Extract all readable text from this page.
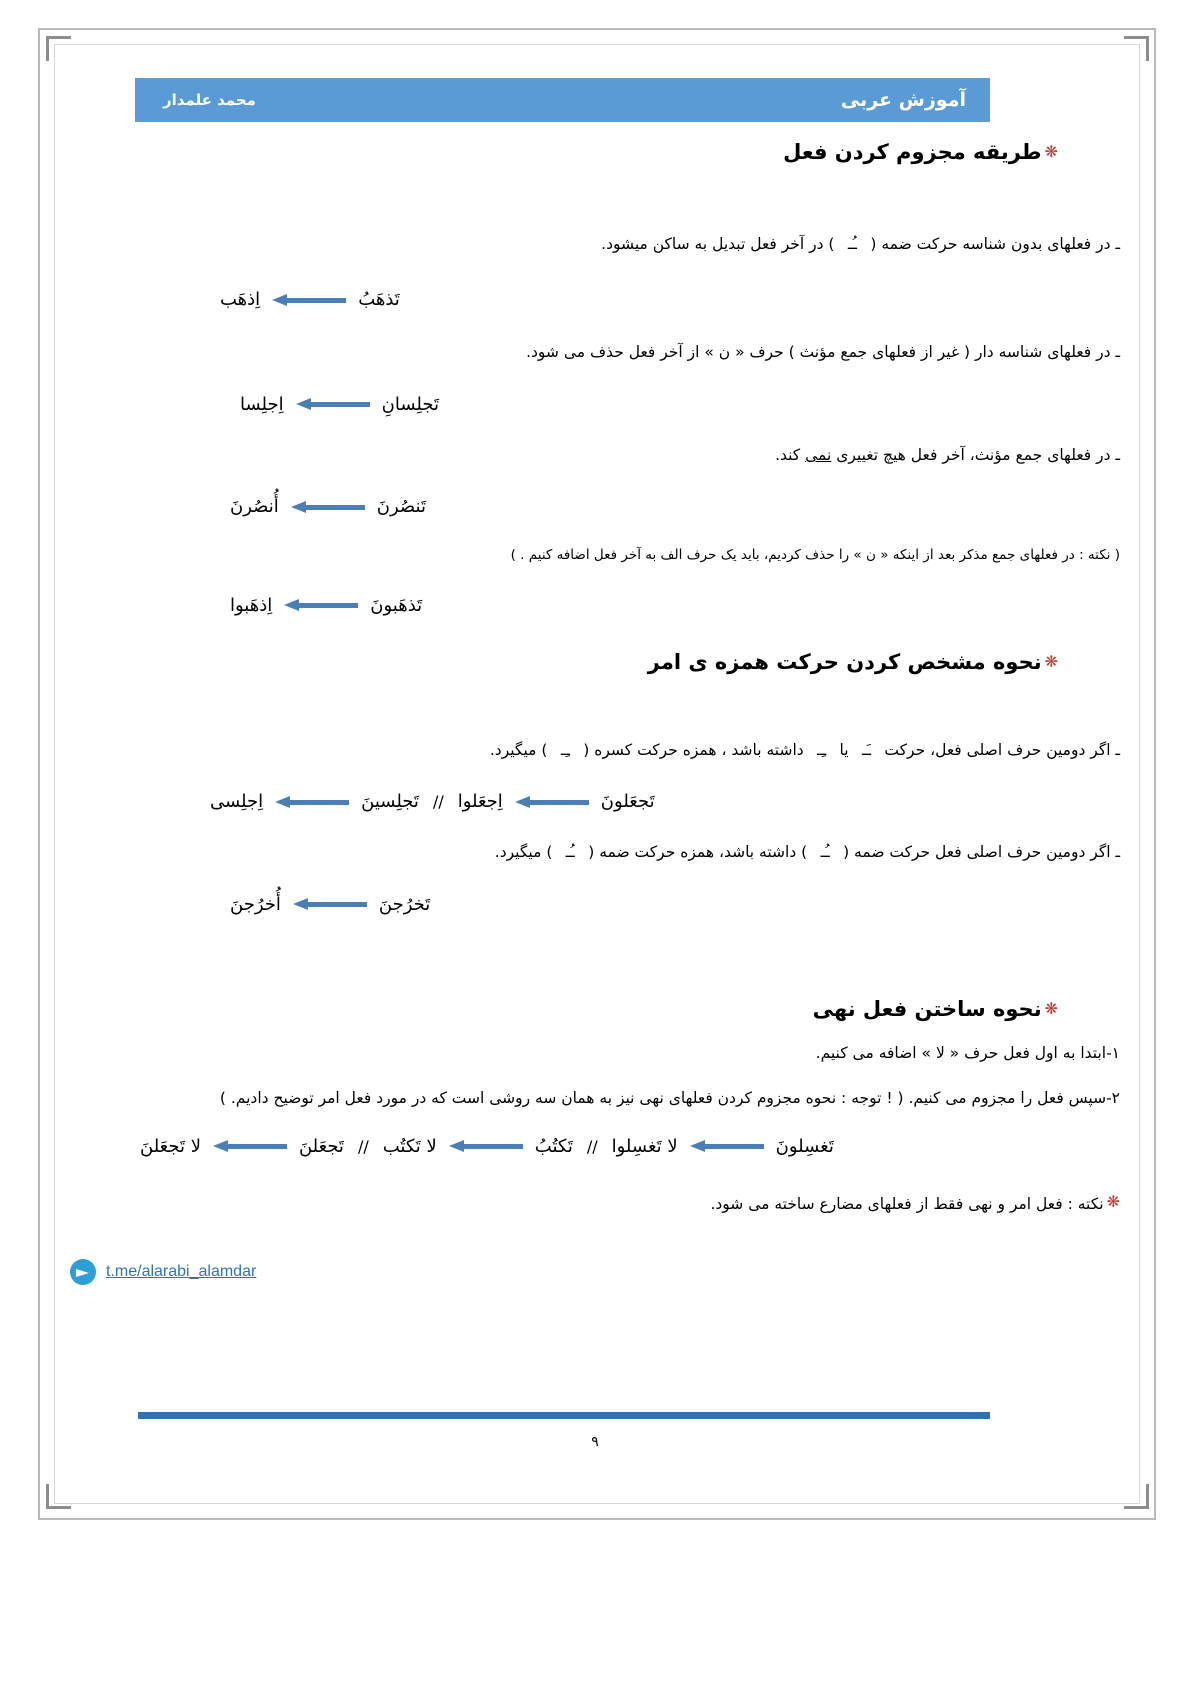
آموزش عربی
محمد علمدار
❋طریقه مجزوم کردن فعل
ـ در فعلهای بدون شناسه حرکت ضمه ( ـُـ ) در آخر فعل تبدیل به ساکن میشود.
تَذهَبُ
اِذهَب
ـ در فعلهای شناسه دار ( غیر از فعلهای جمع مؤنث ) حرف « ن » از آخر فعل حذف می شود.
تَجلِسانِ
اِجلِسا
ـ در فعلهای جمع مؤنث، آخر فعل هیچ تغییری نمی کند.
تَنصُرنَ
أُنصُرنَ
( نکته : در فعلهای جمع مذکر بعد از اینکه « ن » را حذف کردیم، باید یک حرف الف به آخر فعل اضافه کنیم . )
تَذهَبونَ
اِذهَبوا
❋نحوه مشخص کردن حرکت همزه ی امر
ـ اگر دومین حرف اصلی فعل، حرکت ـَـ یا ـِـ داشته باشد ، همزه حرکت کسره ( ـِـ ) میگیرد.
تَجعَلونَ
اِجعَلوا
//
تَجلِسینَ
اِجلِسی
ـ اگر دومین حرف اصلی فعل حرکت ضمه ( ـُـ ) داشته باشد، همزه حرکت ضمه ( ـُـ ) میگیرد.
تَخرُجنَ
أُخرُجنَ
❋نحوه ساختن فعل نهی
۱-ابتدا به اول فعل حرف « لا » اضافه می کنیم.
۲-سپس فعل را مجزوم می کنیم. ( ! توجه : نحوه مجزوم کردن فعلهای نهی نیز به همان سه روشی است که در مورد فعل امر توضیح دادیم. )
تَغسِلونَ
لا تَغسِلوا
//
تَكتُبُ
لا تَكتُب
//
تَجعَلنَ
لا تَجعَلنَ
❋نکته : فعل امر و نهی فقط از فعلهای مضارع ساخته می شود.
t.me/alarabi_alamdar
۹
